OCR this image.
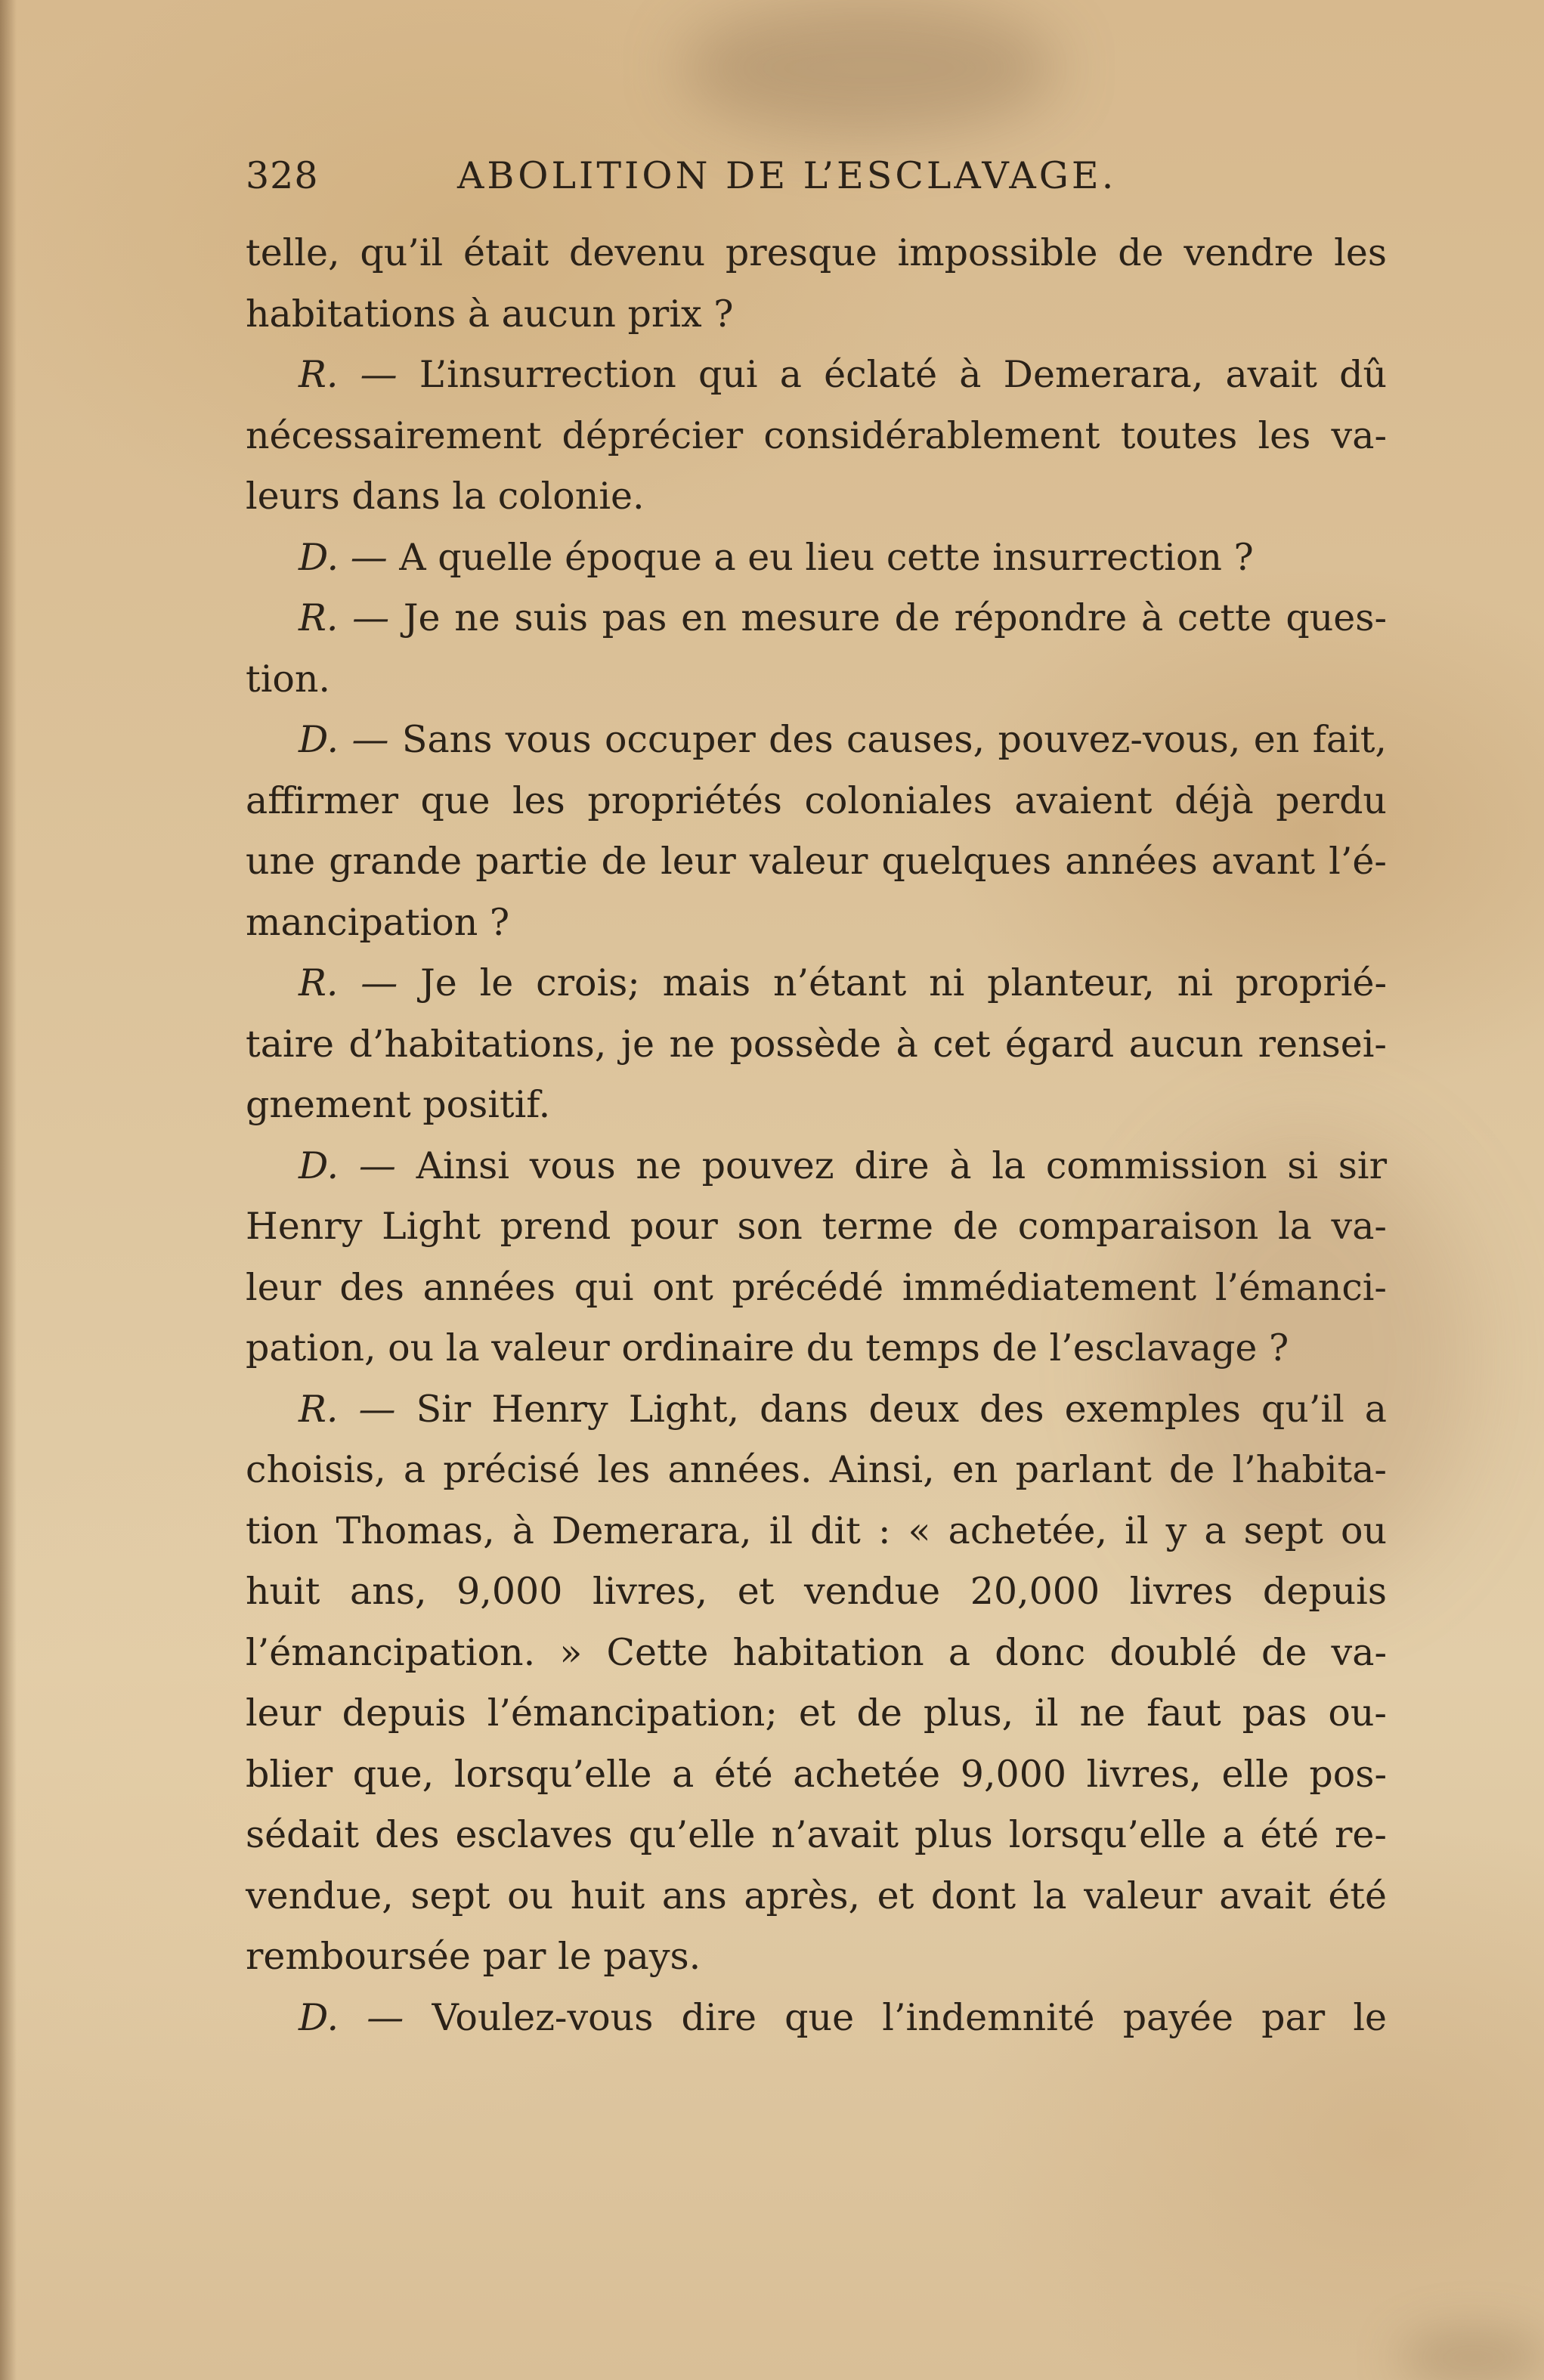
328	ABOLITION DE L’ESCLAVAGE.
telle, qu’il était devenu presque impossible de vendre les
habitations à aucun prix ?
R. — L’insurrection qui a éclaté à Demerara, avait dû
nécessairement déprécier considérablement toutes les va-
leurs dans la colonie.
D. — A quelle époque a eu lieu cette insurrection ?
R. — Je ne suis pas en mesure de répondre à cette ques-
tion.
D. — Sans vous occuper des causes, pouvez-vous, en fait,
affirmer que les propriétés coloniales avaient déjà perdu
une grande partie de leur valeur quelques années avant l’é-
mancipation ?
R. — Je le crois; mais n’étant ni planteur, ni proprié-
taire d’habitations, je ne possède à cet égard aucun rensei-
gnement positif.
D. — Ainsi vous ne pouvez dire à la commission si sir
Henry Light prend pour son terme de comparaison la va-
leur des années qui ont précédé immédiatement l’émanci-
pation, ou la valeur ordinaire du temps de l’esclavage ?
R. — Sir Henry Light, dans deux des exemples qu’il a
choisis, a précisé les années. Ainsi, en parlant de l’habita-
tion Thomas, à Demerara, il dit : « achetée, il y a sept ou
huit ans, 9,000 livres, et vendue 20,000 livres depuis
l’émancipation. » Cette habitation a donc doublé de va-
leur depuis l’émancipation; et de plus, il ne faut pas ou-
blier que, lorsqu’elle a été achetée 9,000 livres, elle pos-
sédait des esclaves qu’elle n’avait plus lorsqu’elle a été re-
vendue, sept ou huit ans après, et dont la valeur avait été
remboursée par le pays.
D. — Voulez-vous dire que l’indemnité payée par le
